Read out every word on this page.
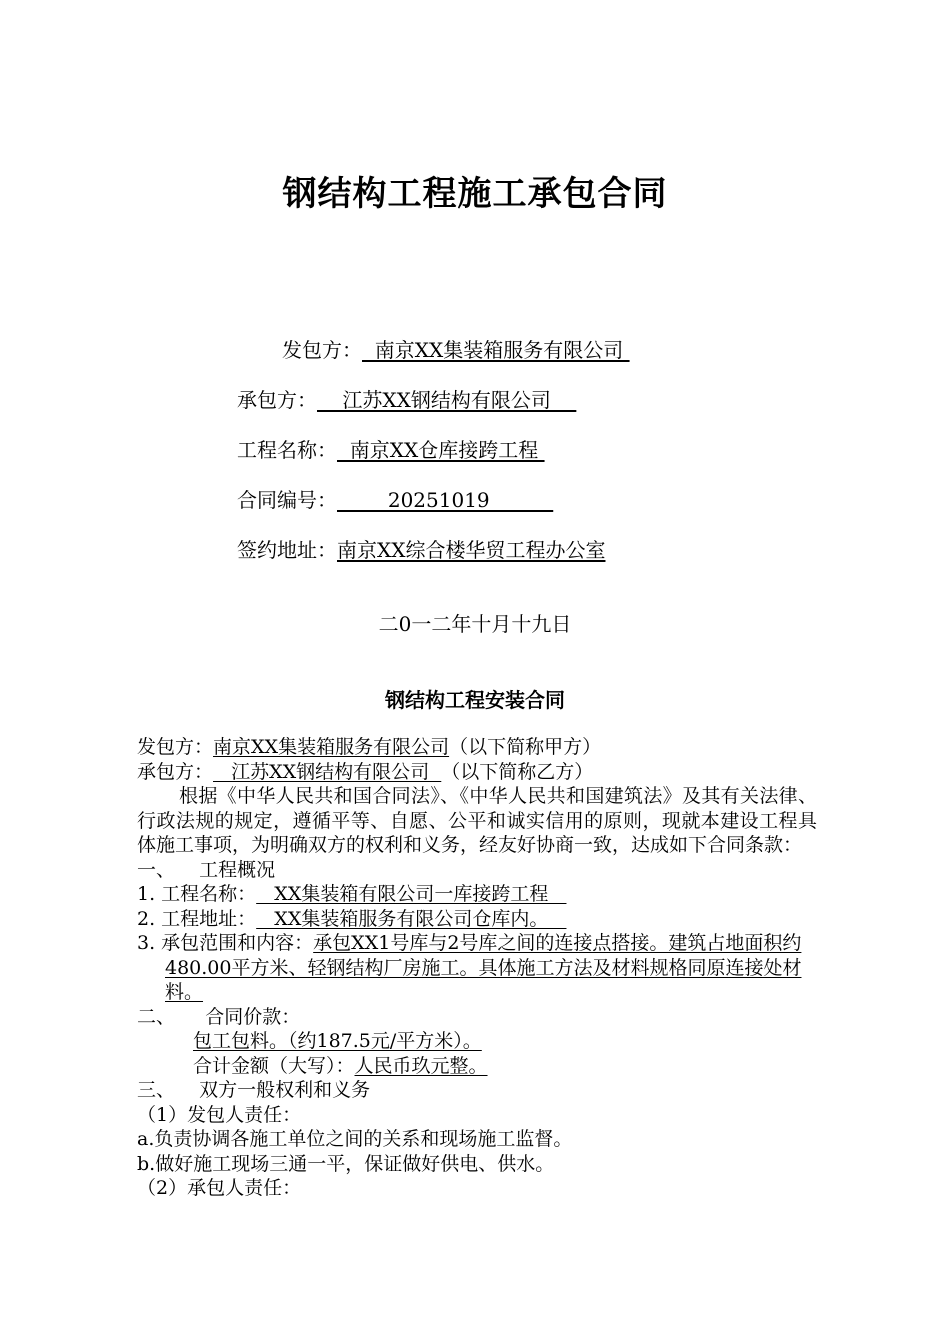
钢结构工程施工承包合同
发包方：  南京XX集装箱服务有限公司
承包方：    江苏XX钢结构有限公司
工程名称：  南京XX仓库接跨工程
合同编号：        20251019
签约地址：南京XX综合楼华贸工程办公室
二0一二年十月十九日
钢结构工程安装合同
发包方：南京XX集装箱服务有限公司（以下简称甲方）
承包方：   江苏XX钢结构有限公司  （以下简称乙方）
根据《中华人民共和国合同法》、《中华人民共和国建筑法》及其有关法律、行政法规的规定，遵循平等、自愿、公平和诚实信用的原则，现就本建设工程具体施工事项，为明确双方的权利和义务，经友好协商一致，达成如下合同条款：
一、    工程概况
1. 工程名称：   XX集装箱有限公司一库接跨工程
2. 工程地址：   XX集装箱服务有限公司仓库内。
3. 承包范围和内容：承包XX1号库与2号库之间的连接点搭接。建筑占地面积约480.00平方米、轻钢结构厂房施工。具体施工方法及材料规格同原连接处材料。
二、     合同价款：
包工包料。（约187.5元/平方米）。
合计金额（大写）：人民币玖元整。
三、    双方一般权利和义务
（1）发包人责任：
a.负责协调各施工单位之间的关系和现场施工监督。
b.做好施工现场三通一平，保证做好供电、供水。
（2）承包人责任：
